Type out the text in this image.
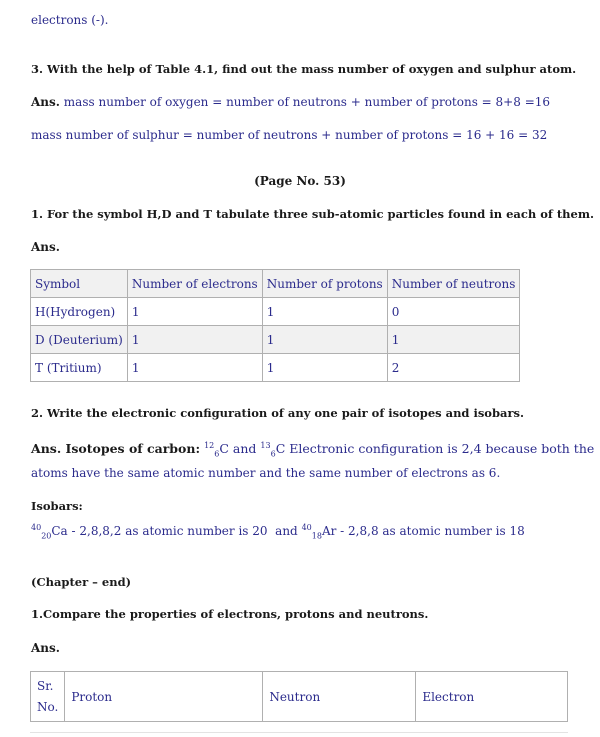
electrons (-).
3. With the help of Table 4.1, find out the mass number of oxygen and sulphur atom.
Ans. mass number of oxygen = number of neutrons + number of protons = 8+8 =16
mass number of sulphur = number of neutrons + number of protons = 16 + 16 = 32
(Page No. 53)
1. For the symbol H,D and T tabulate three sub-atomic particles found in each of them.
Ans.
Symbol	Number of electrons	Number of protons	Number of neutrons
H(Hydrogen)	1	1	0
D (Deuterium)	1	1	1
T (Tritium)	1	1	2
2. Write the electronic configuration of any one pair of isotopes and isobars.
Ans. Isotopes of carbon: $^{12}_6$C and $^{13}_6$C Electronic configuration is 2,4 because both the
atoms have the same atomic number and the same number of electrons as 6.
Isobars:
$^{40}_{20}$Ca - 2,8,8,2 as atomic number is 20 and $^{40}_{18}$Ar - 2,8,8 as atomic number is 18
(Chapter – end)
1.Compare the properties of electrons, protons and neutrons.
Ans.
Sr. No.	Proton	Neutron	Electron
